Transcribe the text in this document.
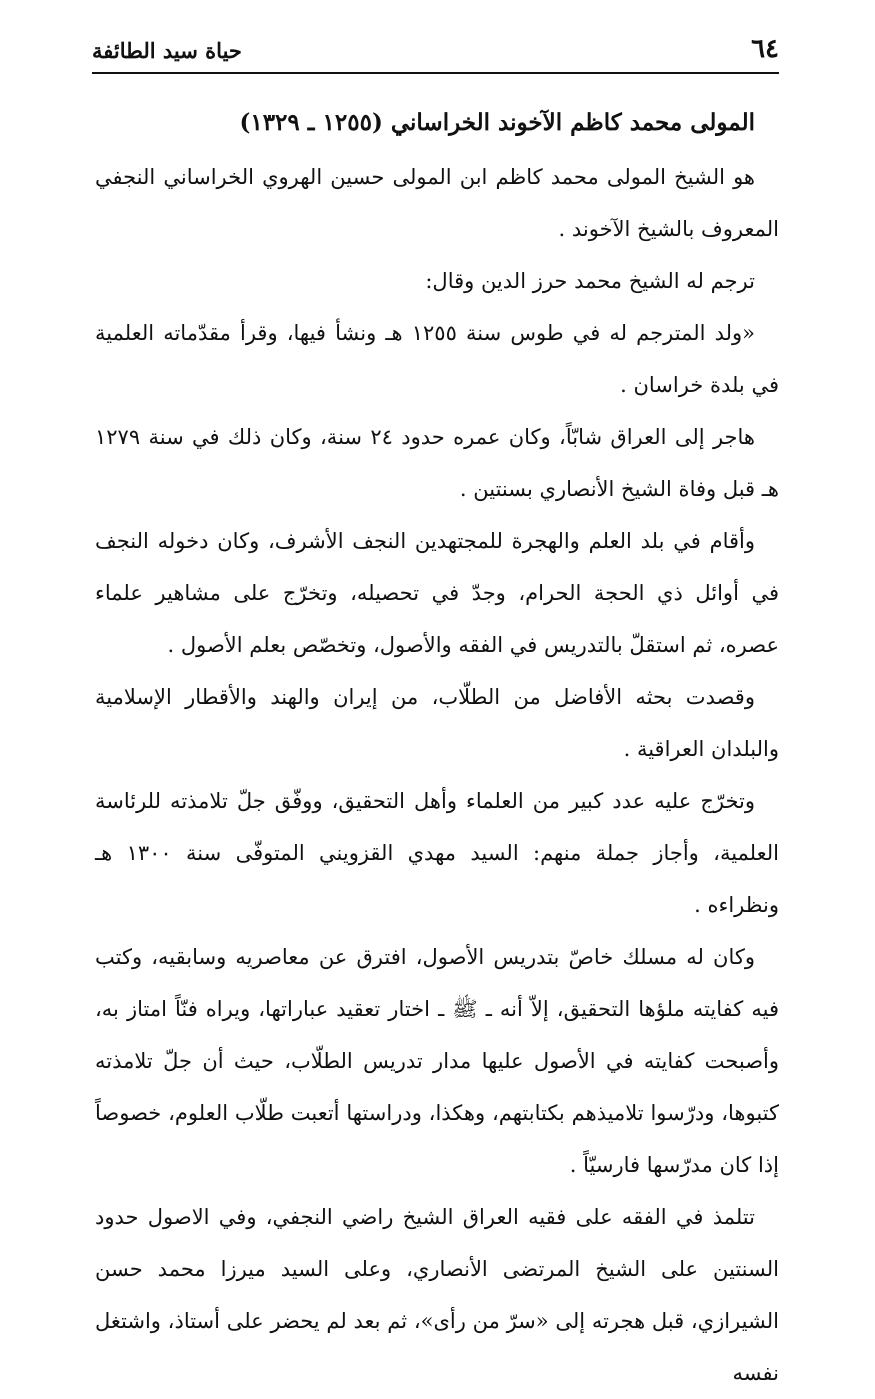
٦٤
حياة سيد الطائفة
المولى محمد كاظم الآخوند الخراساني (١٢٥٥ ـ ١٣٢٩)

هو الشيخ المولى محمد كاظم ابن المولى حسين الهروي الخراساني النجفي المعروف بالشيخ الآخوند .

ترجم له الشيخ محمد حرز الدين وقال:

«ولد المترجم له في طوس سنة ١٢٥٥ هـ ونشأ فيها، وقرأ مقدّماته العلمية في بلدة خراسان .

هاجر إلى العراق شابّاً، وكان عمره حدود ٢٤ سنة، وكان ذلك في سنة ١٢٧٩ هـ قبل وفاة الشيخ الأنصاري بسنتين .

وأقام في بلد العلم والهجرة للمجتهدين النجف الأشرف، وكان دخوله النجف في أوائل ذي الحجة الحرام، وجدّ في تحصيله، وتخرّج على مشاهير علماء عصره، ثم استقلّ بالتدريس في الفقه والأصول، وتخصّص بعلم الأصول .

وقصدت بحثه الأفاضل من الطلّاب، من إيران والهند والأقطار الإسلامية والبلدان العراقية .

وتخرّج عليه عدد كبير من العلماء وأهل التحقيق، ووفّق جلّ تلامذته للرئاسة العلمية، وأجاز جملة منهم: السيد مهدي القزويني المتوفّى سنة ١٣٠٠ هـ ونظراءه .

وكان له مسلك خاصّ بتدريس الأصول، افترق عن معاصريه وسابقيه، وكتب فيه كفايته ملؤها التحقيق، إلاّ أنه ـ ﷺ ـ اختار تعقيد عباراتها، ويراه فنّاً امتاز به، وأصبحت كفايته في الأصول عليها مدار تدريس الطلّاب، حيث أن جلّ تلامذته كتبوها، ودرّسوا تلاميذهم بكتابتهم، وهكذا، ودراستها أتعبت طلّاب العلوم، خصوصاً إذا كان مدرّسها فارسيّاً .

تتلمذ في الفقه على فقيه العراق الشيخ راضي النجفي، وفي الاصول حدود السنتين على الشيخ المرتضى الأنصاري، وعلى السيد ميرزا محمد حسن الشيرازي، قبل هجرته إلى «سرّ من رأى»، ثم بعد لم يحضر على أستاذ، واشتغل نفسه
